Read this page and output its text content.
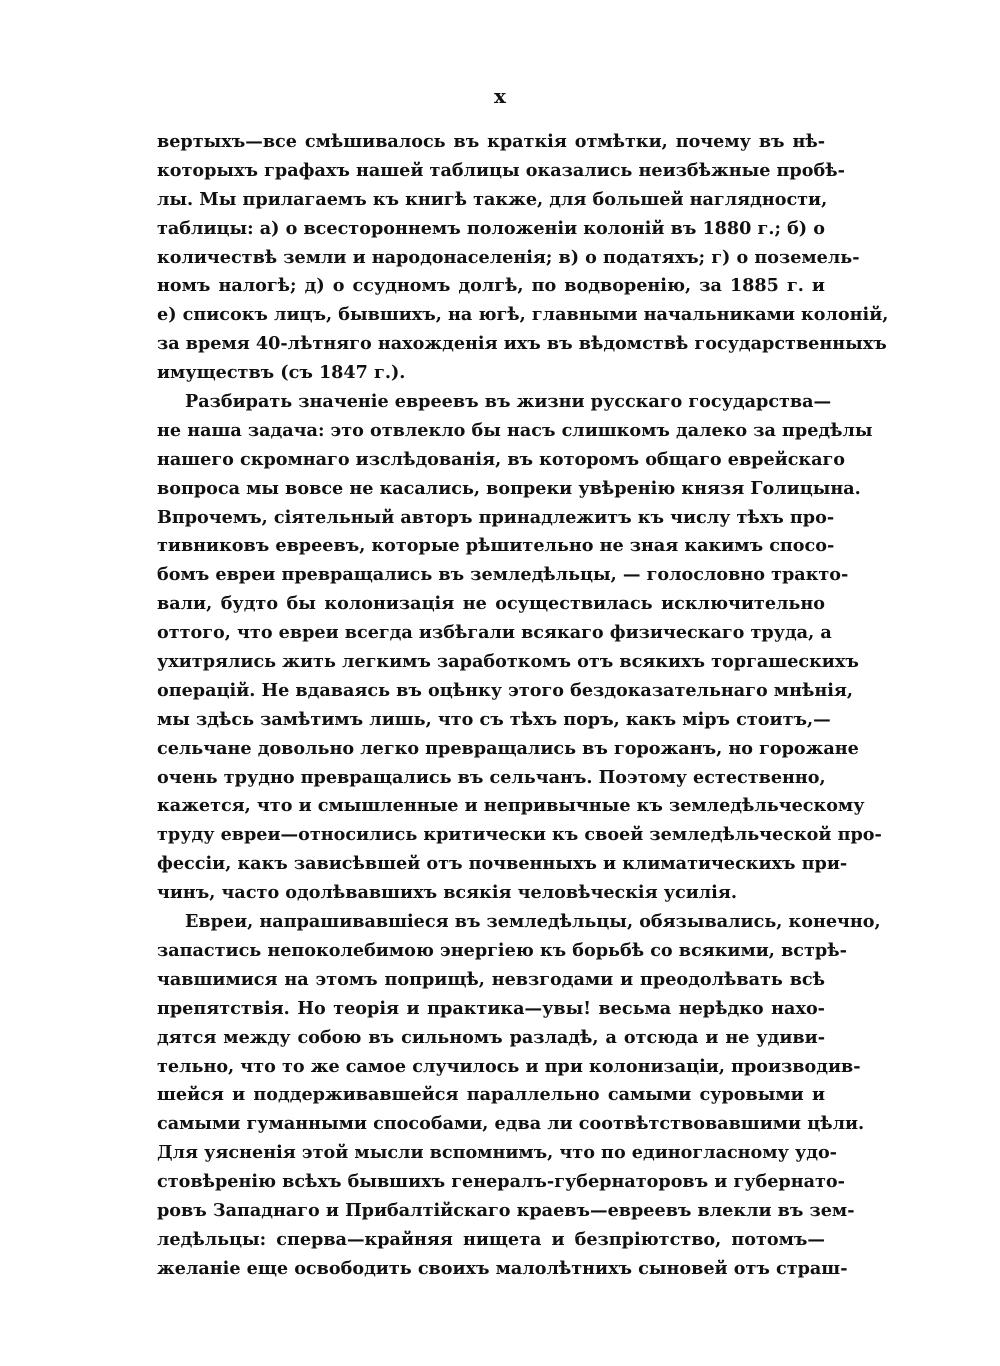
x
вертыхъ—все смѣшивалось въ краткія отмѣтки, почему въ нѣ-
которыхъ графахъ нашей таблицы оказались неизбѣжные пробѣ-
лы. Мы прилагаемъ къ книгѣ также, для большей наглядности,
таблицы: а) о всестороннемъ положеніи колоній въ 1880 г.; б) о
количествѣ земли и народонаселенія; в) о податяхъ; г) о поземель-
номъ налогѣ; д) о ссудномъ долгѣ, по водворенію, за 1885 г. и
е) списокъ лицъ, бывшихъ, на югѣ, главными начальниками колоній,
за время 40-лѣтняго нахожденія ихъ въ вѣдомствѣ государственныхъ
имуществъ (съ 1847 г.).
Разбирать значеніе евреевъ въ жизни русскаго государства—
не наша задача: это отвлекло бы насъ слишкомъ далеко за предѣлы
нашего скромнаго изслѣдованія, въ которомъ общаго еврейскаго
вопроса мы вовсе не касались, вопреки увѣренію князя Голицына.
Впрочемъ, сіятельный авторъ принадлежитъ къ числу тѣхъ про-
тивниковъ евреевъ, которые рѣшительно не зная какимъ спосо-
бомъ евреи превращались въ земледѣльцы, — голословно тракто-
вали, будто бы колонизація не осуществилась исключительно
оттого, что евреи всегда избѣгали всякаго физическаго труда, а
ухитрялись жить легкимъ заработкомъ отъ всякихъ торгашескихъ
операцій. Не вдаваясь въ оцѣнку этого бездоказательнаго мнѣнія,
мы здѣсь замѣтимъ лишь, что съ тѣхъ поръ, какъ міръ стоитъ,—
сельчане довольно легко превращались въ горожанъ, но горожане
очень трудно превращались въ сельчанъ. Поэтому естественно,
кажется, что и смышленные и непривычные къ земледѣльческому
труду евреи—относились критически къ своей земледѣльческой про-
фессіи, какъ зависѣвшей отъ почвенныхъ и климатическихъ при-
чинъ, часто одолѣвавшихъ всякія человѣческія усилія.
Евреи, напрашивавшіеся въ земледѣльцы, обязывались, конечно,
запастись непоколебимою энергіею къ борьбѣ со всякими, встрѣ-
чавшимися на этомъ поприщѣ, невзгодами и преодолѣвать всѣ
препятствія. Но теорія и практика—увы! весьма нерѣдко нахо-
дятся между собою въ сильномъ разладѣ, а отсюда и не удиви-
тельно, что то же самое случилось и при колонизаціи, производив-
шейся и поддерживавшейся параллельно самыми суровыми и
самыми гуманными способами, едва ли соотвѣтствовавшими цѣли.
Для уясненія этой мысли вспомнимъ, что по единогласному удо-
стовѣренію всѣхъ бывшихъ генералъ-губернаторовъ и губернато-
ровъ Западнаго и Прибалтійскаго краевъ—евреевъ влекли въ зем-
ледѣльцы: сперва—крайняя нищета и безпріютство, потомъ—
желаніе еще освободить своихъ малолѣтнихъ сыновей отъ страш-
